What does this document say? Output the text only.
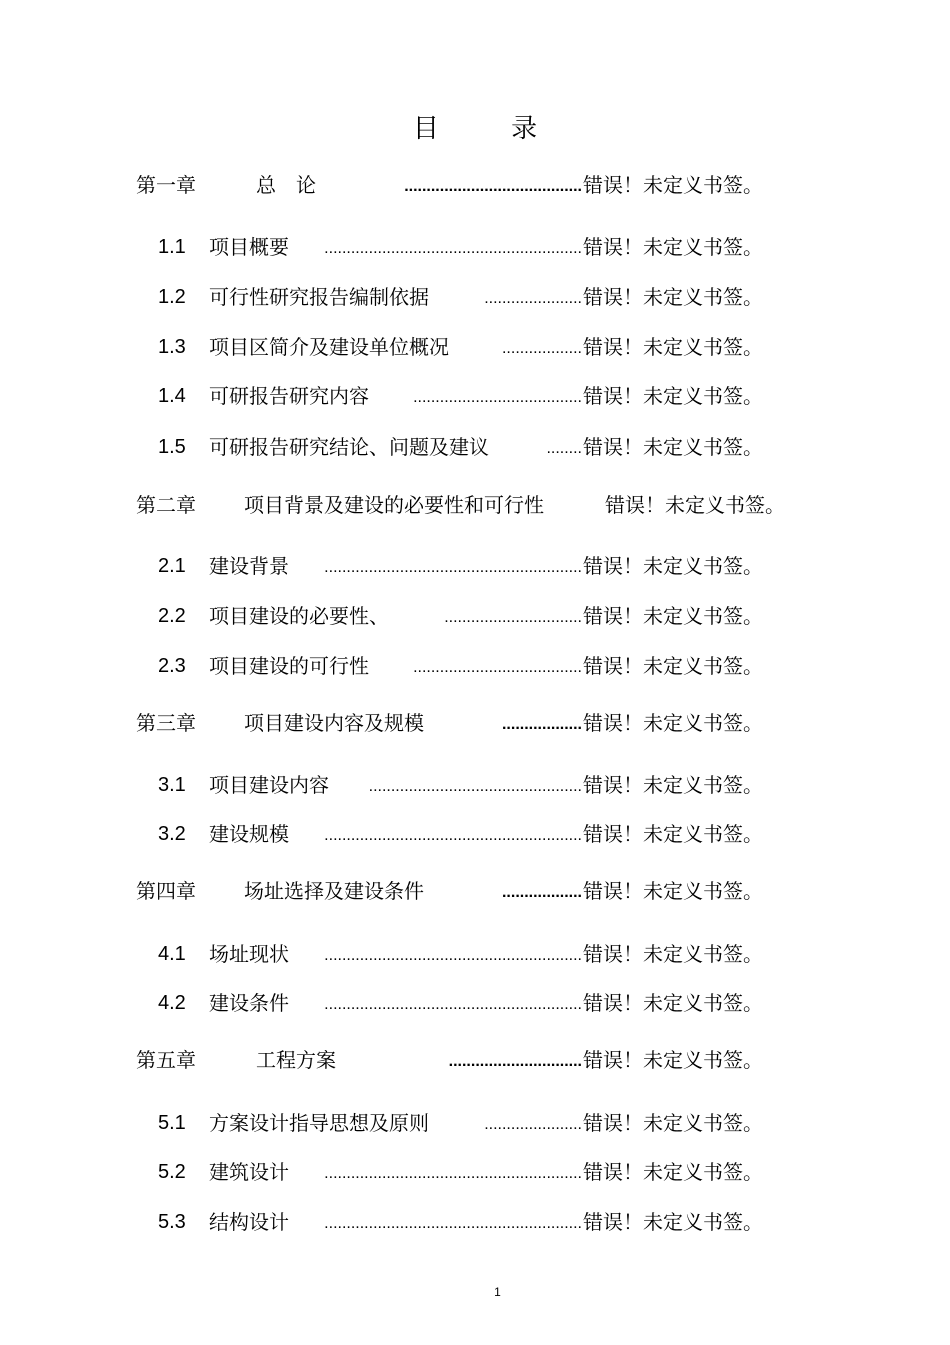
目 录
第一章	总　论	........................................ 错误！未定义书签。
1.1 项目概要	.......................................................... 错误！未定义书签。
1.2 可行性研究报告编制依据	...................... 错误！未定义书签。
1.3 项目区简介及建设单位概况	.................. 错误！未定义书签。
1.4 可研报告研究内容	...................................... 错误！未定义书签。
1.5 可研报告研究结论、问题及建议	........ 错误！未定义书签。
第二章 项目背景及建设的必要性和可行性	错误！未定义书签。
2.1 建设背景	.......................................................... 错误！未定义书签。
2.2 项目建设的必要性、	............................... 错误！未定义书签。
2.3 项目建设的可行性	...................................... 错误！未定义书签。
第三章 项目建设内容及规模	.................. 错误！未定义书签。
3.1 项目建设内容	................................................ 错误！未定义书签。
3.2 建设规模	.......................................................... 错误！未定义书签。
第四章 场址选择及建设条件	.................. 错误！未定义书签。
4.1 场址现状	.......................................................... 错误！未定义书签。
4.2 建设条件	.......................................................... 错误！未定义书签。
第五章	工程方案	.............................. 错误！未定义书签。
5.1 方案设计指导思想及原则	...................... 错误！未定义书签。
5.2 建筑设计	.......................................................... 错误！未定义书签。
5.3 结构设计	.......................................................... 错误！未定义书签。
1
